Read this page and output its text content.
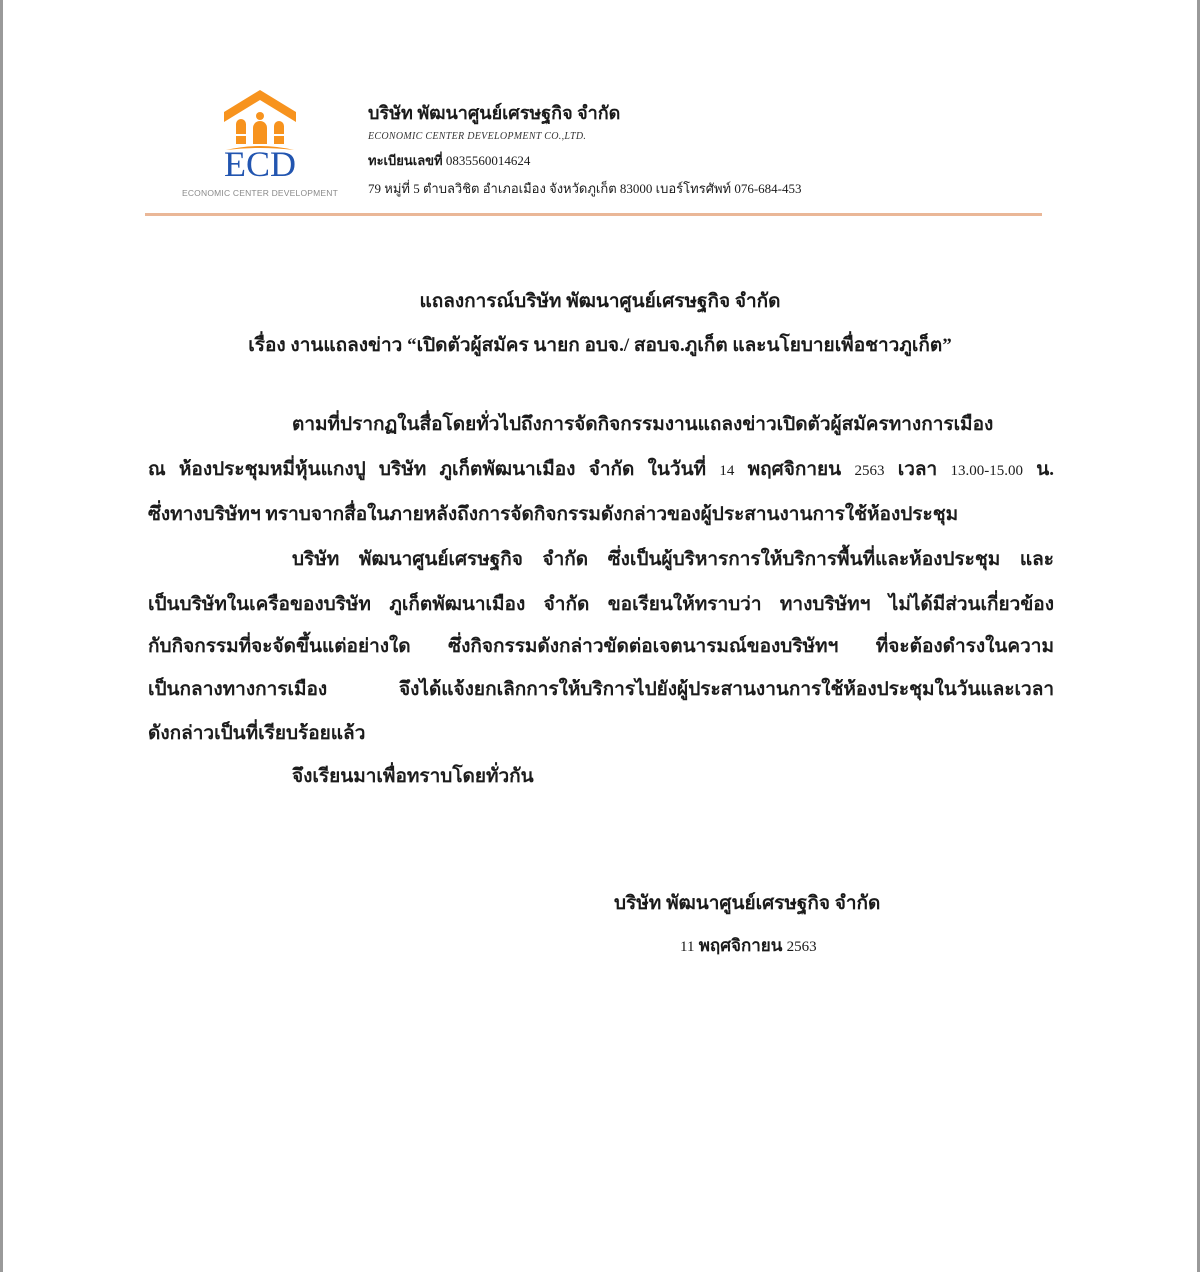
ECD
ECONOMIC CENTER DEVELOPMENT
บริษัท พัฒนาศูนย์เศรษฐกิจ จำกัด
ECONOMIC CENTER DEVELOPMENT CO.,LTD.
ทะเบียนเลขที่ 0835560014624
79 หมู่ที่ 5 ตำบลวิชิต อำเภอเมือง จังหวัดภูเก็ต 83000 เบอร์โทรศัพท์ 076-684-453
แถลงการณ์บริษัท พัฒนาศูนย์เศรษฐกิจ จำกัด
เรื่อง งานแถลงข่าว “เปิดตัวผู้สมัคร นายก อบจ./ สอบจ.ภูเก็ต และนโยบายเพื่อชาวภูเก็ต”
ตามที่ปรากฏในสื่อโดยทั่วไปถึงการจัดกิจกรรมงานแถลงข่าวเปิดตัวผู้สมัครทางการเมือง
ณ ห้องประชุมหมี่หุ้นแกงปู บริษัท ภูเก็ตพัฒนาเมือง จำกัด ในวันที่ 14 พฤศจิกายน 2563 เวลา 13.00-15.00 น.
ซึ่งทางบริษัทฯ ทราบจากสื่อในภายหลังถึงการจัดกิจกรรมดังกล่าวของผู้ประสานงานการใช้ห้องประชุม
บริษัท พัฒนาศูนย์เศรษฐกิจ จำกัด ซึ่งเป็นผู้บริหารการให้บริการพื้นที่และห้องประชุม และ
เป็นบริษัทในเครือของบริษัท ภูเก็ตพัฒนาเมือง จำกัด ขอเรียนให้ทราบว่า ทางบริษัทฯ ไม่ได้มีส่วนเกี่ยวข้อง
กับกิจกรรมที่จะจัดขึ้นแต่อย่างใด ซึ่งกิจกรรมดังกล่าวขัดต่อเจตนารมณ์ของบริษัทฯ ที่จะต้องดำรงในความ
เป็นกลางทางการเมือง จึงได้แจ้งยกเลิกการให้บริการไปยังผู้ประสานงานการใช้ห้องประชุมในวันและเวลา
ดังกล่าวเป็นที่เรียบร้อยแล้ว
จึงเรียนมาเพื่อทราบโดยทั่วกัน
บริษัท พัฒนาศูนย์เศรษฐกิจ จำกัด
11 พฤศจิกายน 2563
